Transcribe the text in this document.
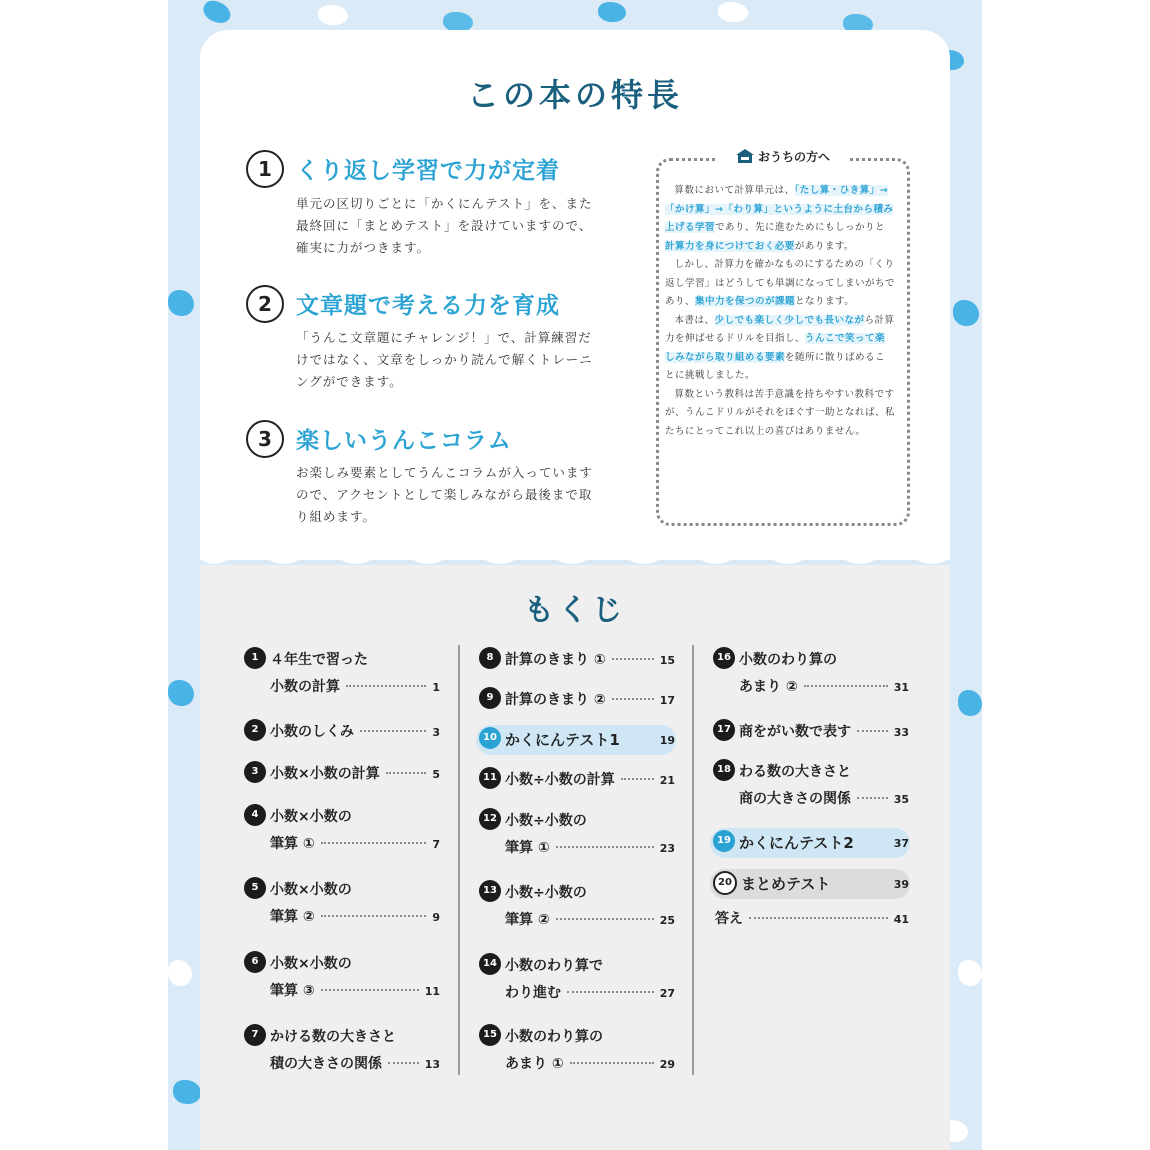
この本の特長
1	くり返し学習で力が定着
単元の区切りごとに「かくにんテスト」を、また最終回に「まとめテスト」を設けていますので、確実に力がつきます。
2	文章題で考える力を育成
「うんこ文章題にチャレンジ！」で、計算練習だけではなく、文章をしっかり読んで解くトレーニングができます。
3	楽しいうんこコラム
お楽しみ要素としてうんこコラムが入っていますので、アクセントとして楽しみながら最後まで取り組めます。
おうちの方へ

算数において計算単元は、「たし算・ひき算」→「かけ算」→「わり算」というように土台から積み上げる学習であり、先に進むためにもしっかりと計算力を身につけておく必要があります。

しかし、計算力を確かなものにするための「くり返し学習」はどうしても単調になってしまいがちであり、集中力を保つのが課題となります。

本書は、少しでも楽しく少しでも長いながら計算力を伸ばせるドリルを目指し、うんこで笑って楽しみながら取り組める要素を随所に散りばめることに挑戦しました。

算数という教科は苦手意識を持ちやすい教科ですが、うんこドリルがそれをほぐす一助となれば、私たちにとってこれ以上の喜びはありません。

もくじ
1 ４年生で習った
小数の計算	1
2 小数のしくみ	3
3 小数×小数の計算	5
4 小数×小数の
筆算 ①	7
5 小数×小数の
筆算 ②	9
6 小数×小数の
筆算 ③	11
7 かける数の大きさと
積の大きさの関係	13
8 計算のきまり ①	15
9 計算のきまり ②	17
10 かくにんテスト1	19
11 小数÷小数の計算	21
12 小数÷小数の
筆算 ①	23
13 小数÷小数の
筆算 ②	25
14 小数のわり算で
わり進む	27
15 小数のわり算の
あまり ①	29
16 小数のわり算の
あまり ②	31
17 商をがい数で表す	33
18 わる数の大きさと
商の大きさの関係	35
19 かくにんテスト2	37
20 まとめテスト	39
答え	41
